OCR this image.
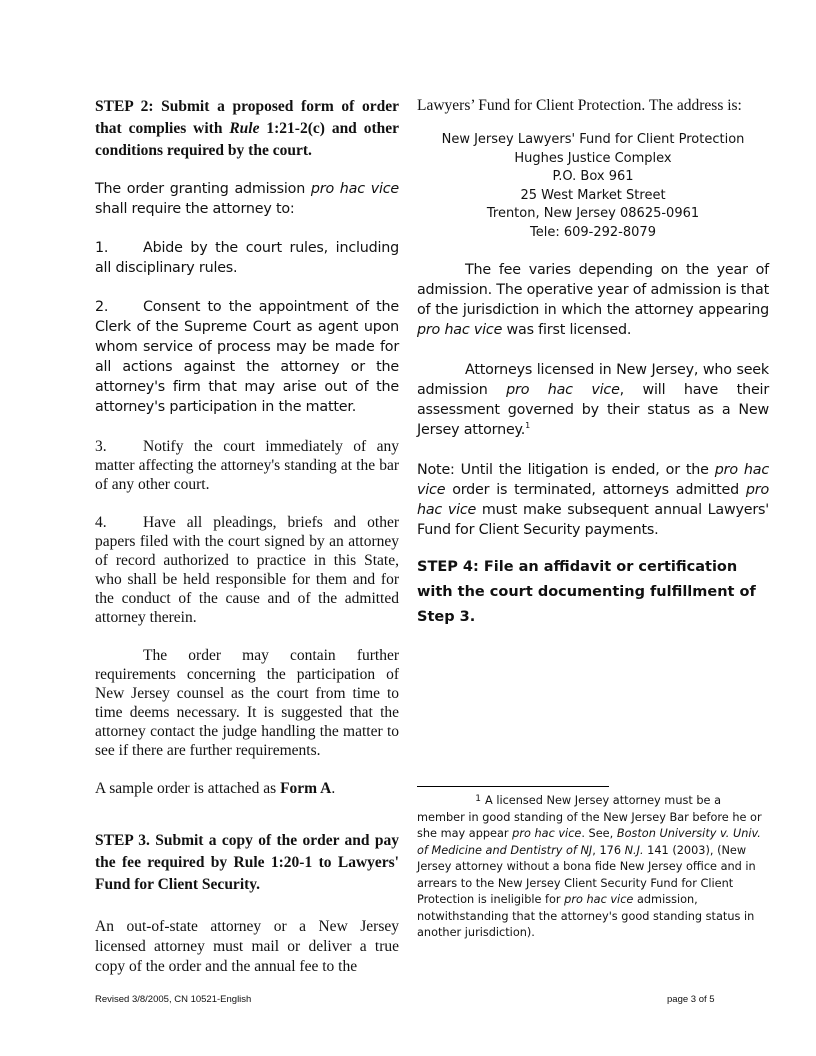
STEP 2: Submit a proposed form of order that complies with Rule 1:21-2(c) and other conditions required by the court.

The order granting admission pro hac vice shall require the attorney to:

1. Abide by the court rules, including all disciplinary rules.

2. Consent to the appointment of the Clerk of the Supreme Court as agent upon whom service of process may be made for all actions against the attorney or the attorney's firm that may arise out of the attorney's participation in the matter.

3. Notify the court immediately of any matter affecting the attorney's standing at the bar of any other court.

4. Have all pleadings, briefs and other papers filed with the court signed by an attorney of record authorized to practice in this State, who shall be held responsible for them and for the conduct of the cause and of the admitted attorney therein.

The order may contain further requirements concerning the participation of New Jersey counsel as the court from time to time deems necessary. It is suggested that the attorney contact the judge handling the matter to see if there are further requirements.

A sample order is attached as Form A.

STEP 3. Submit a copy of the order and pay the fee required by Rule 1:20-1 to Lawyers' Fund for Client Security.

An out-of-state attorney or a New Jersey licensed attorney must mail or deliver a true copy of the order and the annual fee to the

Lawyers’ Fund for Client Protection. The address is:

New Jersey Lawyers' Fund for Client Protection
Hughes Justice Complex
P.O. Box 961
25 West Market Street
Trenton, New Jersey 08625-0961
Tele: 609-292-8079

The fee varies depending on the year of admission. The operative year of admission is that of the jurisdiction in which the attorney appearing pro hac vice was first licensed.

Attorneys licensed in New Jersey, who seek admission pro hac vice, will have their assessment governed by their status as a New Jersey attorney.$^1$

Note: Until the litigation is ended, or the pro hac vice order is terminated, attorneys admitted pro hac vice must make subsequent annual Lawyers' Fund for Client Security payments.

STEP 4: File an affidavit or certification with the court documenting fulfillment of Step 3.

1 A licensed New Jersey attorney must be a member in good standing of the New Jersey Bar before he or she may appear pro hac vice. See, Boston University v. Univ. of Medicine and Dentistry of NJ, 176 N.J. 141 (2003), (New Jersey attorney without a bona fide New Jersey office and in arrears to the New Jersey Client Security Fund for Client Protection is ineligible for pro hac vice admission, notwithstanding that the attorney's good standing status in another jurisdiction).
Revised 3/8/2005, CN 10521-English	page 3 of 5
